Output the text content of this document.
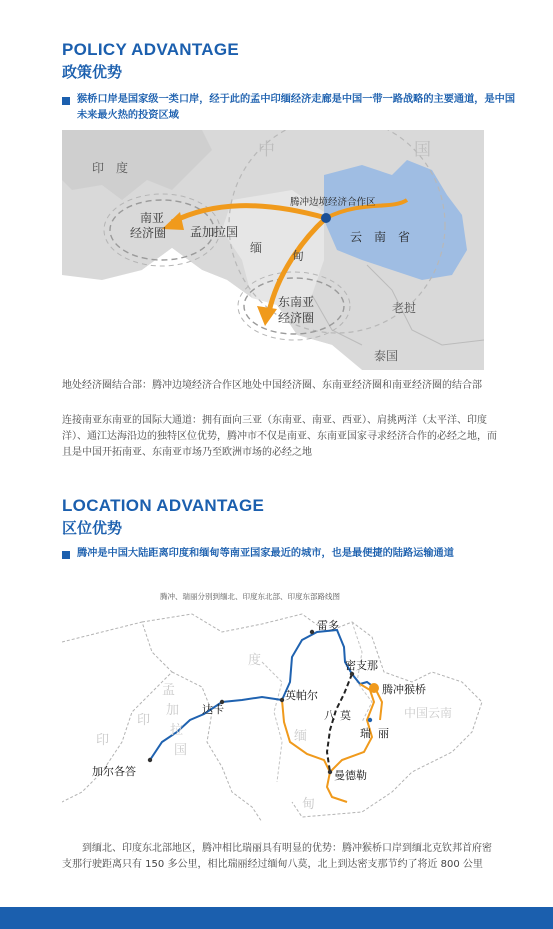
POLICY ADVANTAGE
政策优势
猴桥口岸是国家级一类口岸，经于此的孟中印缅经济走廊是中国一带一路战略的主要通道，是中国未来最火热的投资区域
印　度
中	国
南亚
经济圈 孟加拉国
腾冲边境经济合作区
云　南　省
缅
甸
东南亚
经济圈
老挝
泰国
地处经济圈结合部：腾冲边境经济合作区地处中国经济圈、东南亚经济圈和南亚经济圈的结合部
连接南亚东南亚的国际大通道：拥有面向三亚（东南亚、南亚、西亚）、肩挑两洋（太平洋、印度洋）、通江达海沿边的独特区位优势，腾冲市不仅是南亚、东南亚国家寻求经济合作的必经之地，而且是中国开拓南亚、东南亚市场乃至欧洲市场的必经之地
LOCATION ADVANTAGE
区位优势
腾冲是中国大陆距离印度和缅甸等南亚国家最近的城市，也是最便捷的陆路运输通道
腾冲、瑞丽分别到缅北、印度东北部、印度东部路线图
印
度
孟
加
拉
国
缅
甸
印
中国云南
雷多
密支那
腾冲猴桥
英帕尔
达卡	八 莫
瑞 丽
加尔各答	曼德勒
到缅北、印度东北部地区，腾冲相比瑞丽具有明显的优势：腾冲猴桥口岸到缅北克钦邦首府密支那行驶距离只有 150 多公里，相比瑞丽经过缅甸八莫，北上到达密支那节约了将近 800 公里
